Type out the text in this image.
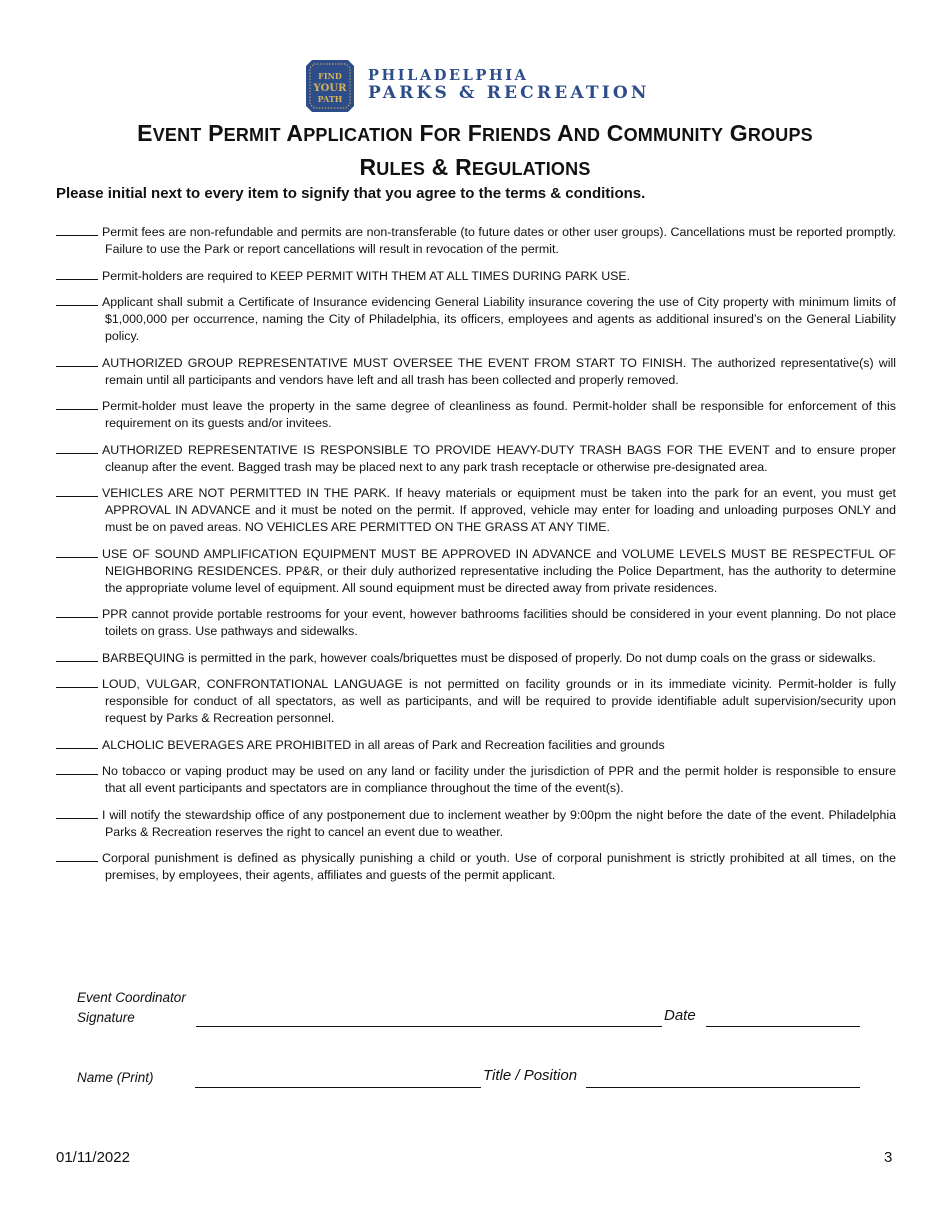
FIND
YOUR
PATH
PHILADELPHIA
PARKS & RECREATION
EVENT PERMIT APPLICATION FOR FRIENDS AND COMMUNITY GROUPS
RULES & REGULATIONS
Please initial next to every item to signify that you agree to the terms & conditions.
Permit fees are non-refundable and permits are non-transferable (to future dates or other user groups). Cancellations must be reported promptly. Failure to use the Park or report cancellations will result in revocation of the permit.
Permit-holders are required to KEEP PERMIT WITH THEM AT ALL TIMES DURING PARK USE.
Applicant shall submit a Certificate of Insurance evidencing General Liability insurance covering the use of City property with minimum limits of $1,000,000 per occurrence, naming the City of Philadelphia, its officers, employees and agents as additional insured’s on the General Liability policy.
AUTHORIZED GROUP REPRESENTATIVE MUST OVERSEE THE EVENT FROM START TO FINISH. The authorized representative(s) will remain until all participants and vendors have left and all trash has been collected and properly removed.
Permit-holder must leave the property in the same degree of cleanliness as found. Permit-holder shall be responsible for enforcement of this requirement on its guests and/or invitees.
AUTHORIZED REPRESENTATIVE IS RESPONSIBLE TO PROVIDE HEAVY-DUTY TRASH BAGS FOR THE EVENT and to ensure proper cleanup after the event. Bagged trash may be placed next to any park trash receptacle or otherwise pre-designated area.
VEHICLES ARE NOT PERMITTED IN THE PARK. If heavy materials or equipment must be taken into the park for an event, you must get APPROVAL IN ADVANCE and it must be noted on the permit. If approved, vehicle may enter for loading and unloading purposes ONLY and must be on paved areas. NO VEHICLES ARE PERMITTED ON THE GRASS AT ANY TIME.
USE OF SOUND AMPLIFICATION EQUIPMENT MUST BE APPROVED IN ADVANCE and VOLUME LEVELS MUST BE RESPECTFUL OF NEIGHBORING RESIDENCES. PP&R, or their duly authorized representative including the Police Department, has the authority to determine the appropriate volume level of equipment. All sound equipment must be directed away from private residences.
PPR cannot provide portable restrooms for your event, however bathrooms facilities should be considered in your event planning. Do not place toilets on grass. Use pathways and sidewalks.
BARBEQUING is permitted in the park, however coals/briquettes must be disposed of properly. Do not dump coals on the grass or sidewalks.
LOUD, VULGAR, CONFRONTATIONAL LANGUAGE is not permitted on facility grounds or in its immediate vicinity. Permit-holder is fully responsible for conduct of all spectators, as well as participants, and will be required to provide identifiable adult supervision/security upon request by Parks & Recreation personnel.
ALCHOLIC BEVERAGES ARE PROHIBITED in all areas of Park and Recreation facilities and grounds
No tobacco or vaping product may be used on any land or facility under the jurisdiction of PPR and the permit holder is responsible to ensure that all event participants and spectators are in compliance throughout the time of the event(s).
I will notify the stewardship office of any postponement due to inclement weather by 9:00pm the night before the date of the event. Philadelphia Parks & Recreation reserves the right to cancel an event due to weather.
Corporal punishment is defined as physically punishing a child or youth. Use of corporal punishment is strictly prohibited at all times, on the premises, by employees, their agents, affiliates and guests of the permit applicant.
Event Coordinator
Signature	Date
Name (Print)	Title / Position
01/11/2022	3
